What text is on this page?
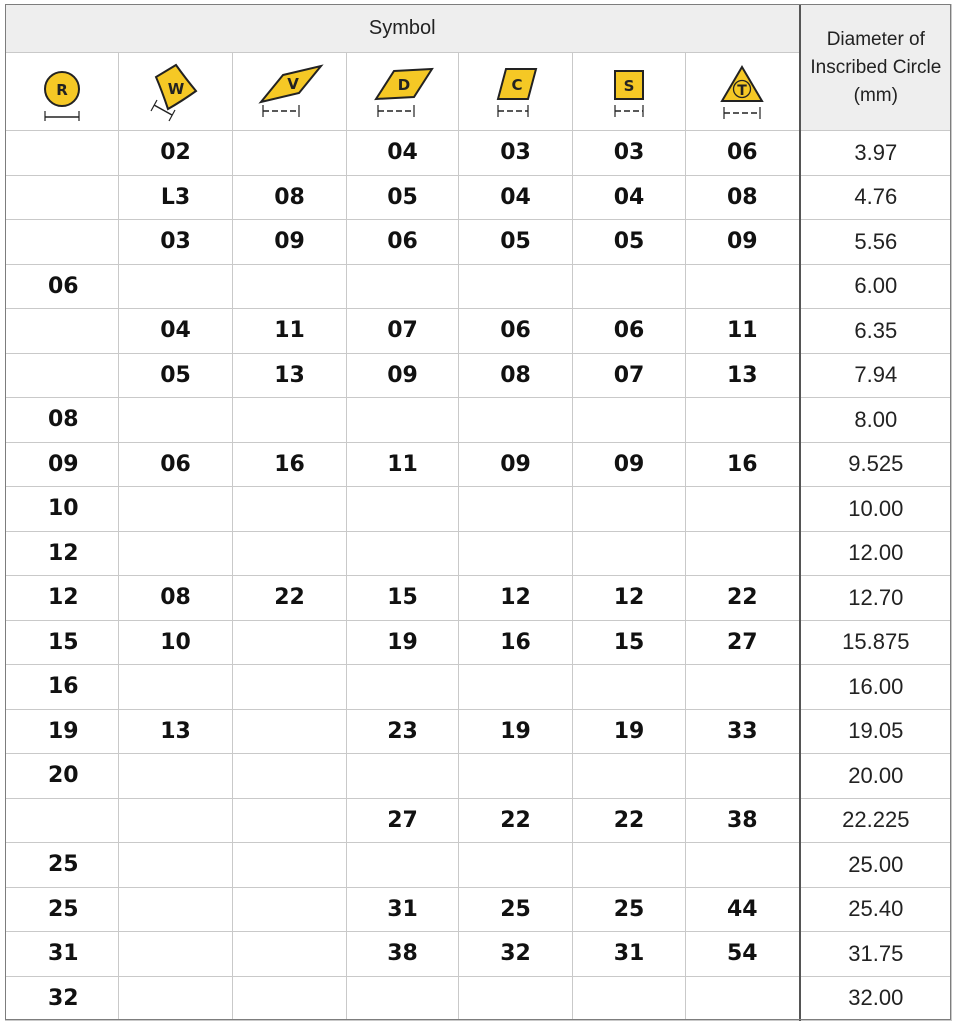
Symbol							Diameter of
Inscribed Circle
(mm)

R	W	V	D	C	S	T	

	02		04	03	03	06	3.97
	L3	08	05	04	04	08	4.76
	03	09	06	05	05	09	5.56
06							6.00
	04	11	07	06	06	11	6.35
	05	13	09	08	07	13	7.94
08							8.00
09	06	16	11	09	09	16	9.525
10							10.00
12							12.00
12	08	22	15	12	12	22	12.70
15	10		19	16	15	27	15.875
16							16.00
19	13		23	19	19	33	19.05
20							20.00
			27	22	22	38	22.225
25							25.00
25			31	25	25	44	25.40
31			38	32	31	54	31.75
32							32.00
